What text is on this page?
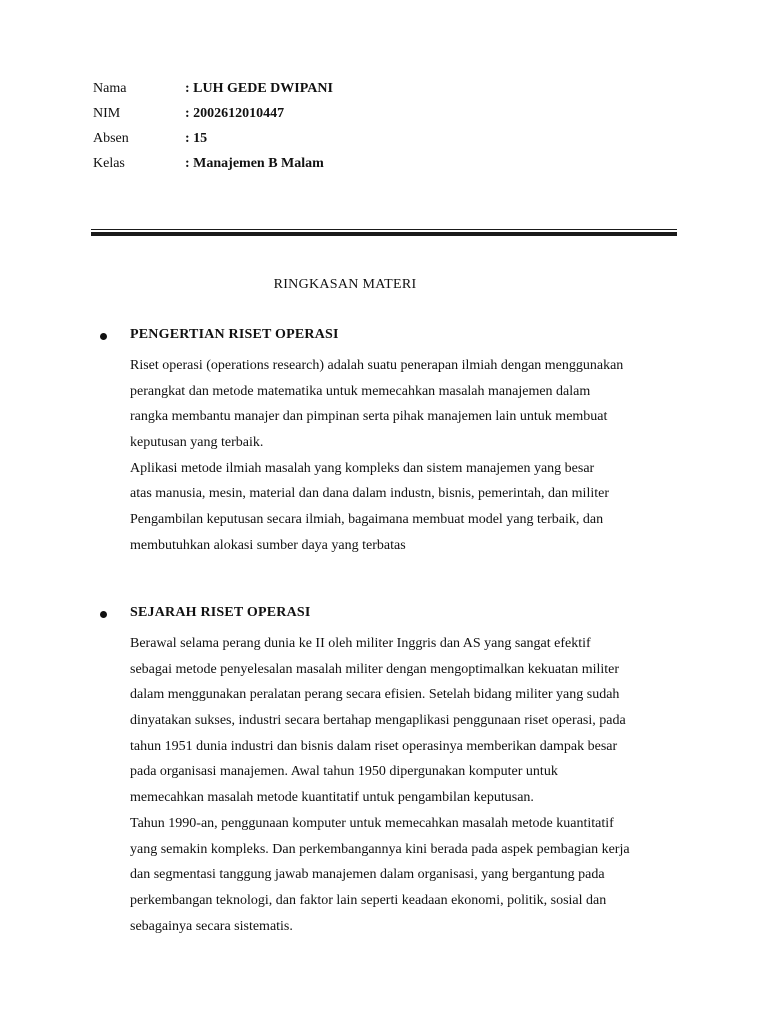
Nama	: LUH GEDE DWIPANI
NIM	: 2002612010447
Absen	: 15
Kelas	: Manajemen B Malam
RINGKASAN MATERI
PENGERTIAN RISET OPERASI
Riset operasi (operations research) adalah suatu penerapan ilmiah dengan menggunakan
perangkat dan metode matematika untuk memecahkan masalah manajemen dalam
rangka membantu manajer dan pimpinan serta pihak manajemen lain untuk membuat
keputusan yang terbaik.
Aplikasi metode ilmiah masalah yang kompleks dan sistem manajemen yang besar
atas manusia, mesin, material dan dana dalam industn, bisnis, pemerintah, dan militer
Pengambilan keputusan secara ilmiah, bagaimana membuat model yang terbaik, dan
membutuhkan alokasi sumber daya yang terbatas
SEJARAH RISET OPERASI
Berawal selama perang dunia ke II oleh militer Inggris dan AS yang sangat efektif
sebagai metode penyelesalan masalah militer dengan mengoptimalkan kekuatan militer
dalam menggunakan peralatan perang secara efisien. Setelah bidang militer yang sudah
dinyatakan sukses, industri secara bertahap mengaplikasi penggunaan riset operasi, pada
tahun 1951 dunia industri dan bisnis dalam riset operasinya memberikan dampak besar
pada organisasi manajemen. Awal tahun 1950 dipergunakan komputer untuk
memecahkan masalah metode kuantitatif untuk pengambilan keputusan.
Tahun 1990-an, penggunaan komputer untuk memecahkan masalah metode kuantitatif
yang semakin kompleks. Dan perkembangannya kini berada pada aspek pembagian kerja
dan segmentasi tanggung jawab manajemen dalam organisasi, yang bergantung pada
perkembangan teknologi, dan faktor lain seperti keadaan ekonomi, politik, sosial dan
sebagainya secara sistematis.
